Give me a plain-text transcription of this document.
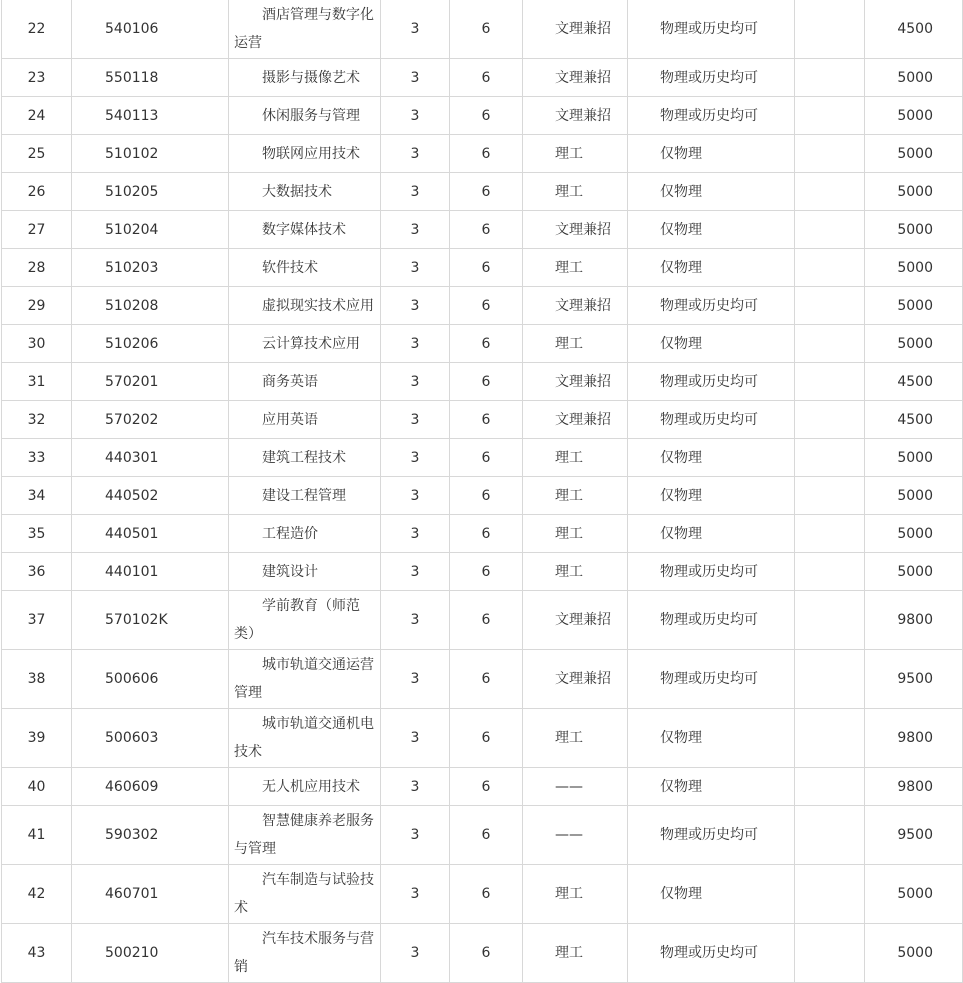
22	540106	酒店管理与数字化运营	3	6	文理兼招	物理或历史均可		4500
23	550118	摄影与摄像艺术	3	6	文理兼招	物理或历史均可		5000
24	540113	休闲服务与管理	3	6	文理兼招	物理或历史均可		5000
25	510102	物联网应用技术	3	6	理工	仅物理		5000
26	510205	大数据技术	3	6	理工	仅物理		5000
27	510204	数字媒体技术	3	6	文理兼招	仅物理		5000
28	510203	软件技术	3	6	理工	仅物理		5000
29	510208	虚拟现实技术应用	3	6	文理兼招	物理或历史均可		5000
30	510206	云计算技术应用	3	6	理工	仅物理		5000
31	570201	商务英语	3	6	文理兼招	物理或历史均可		4500
32	570202	应用英语	3	6	文理兼招	物理或历史均可		4500
33	440301	建筑工程技术	3	6	理工	仅物理		5000
34	440502	建设工程管理	3	6	理工	仅物理		5000
35	440501	工程造价	3	6	理工	仅物理		5000
36	440101	建筑设计	3	6	理工	物理或历史均可		5000
37	570102K	学前教育（师范类）	3	6	文理兼招	物理或历史均可		9800
38	500606	城市轨道交通运营管理	3	6	文理兼招	物理或历史均可		9500
39	500603	城市轨道交通机电技术	3	6	理工	仅物理		9800
40	460609	无人机应用技术	3	6	——	仅物理		9800
41	590302	智慧健康养老服务与管理	3	6	——	物理或历史均可		9500
42	460701	汽车制造与试验技术	3	6	理工	仅物理		5000
43	500210	汽车技术服务与营销	3	6	理工	物理或历史均可		5000
